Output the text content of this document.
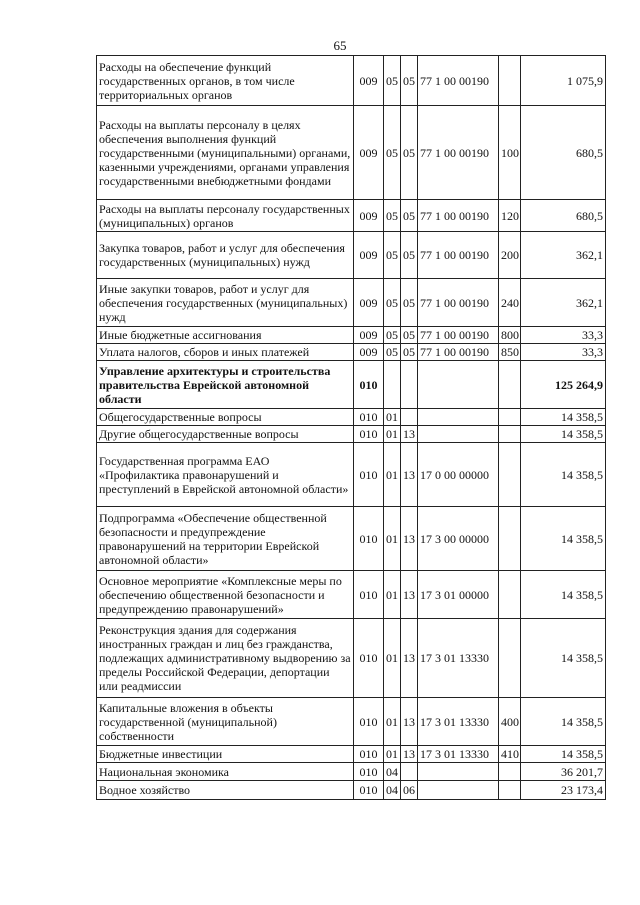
65
Расходы на обеспечение функций государственных органов, в том числе территориальных органов	009	05	05	77 1 00 00190		1 075,9
Расходы на выплаты персоналу в целях обеспечения выполнения функций государственными (муниципальными) органами, казенными учреждениями, органами управления государственными внебюджетными фондами	009	05	05	77 1 00 00190	100	680,5
Расходы на выплаты персоналу государственных (муниципальных) органов	009	05	05	77 1 00 00190	120	680,5
Закупка товаров, работ и услуг для обеспечения государственных (муниципальных) нужд	009	05	05	77 1 00 00190	200	362,1
Иные закупки товаров, работ и услуг для обеспечения государственных (муниципальных) нужд	009	05	05	77 1 00 00190	240	362,1
Иные бюджетные ассигнования	009	05	05	77 1 00 00190	800	33,3
Уплата налогов, сборов и иных платежей	009	05	05	77 1 00 00190	850	33,3
Управление архитектуры и строительства правительства Еврейской автономной области	010					125 264,9
Общегосударственные вопросы	010	01				14 358,5
Другие общегосударственные вопросы	010	01	13			14 358,5
Государственная программа ЕАО «Профилактика правонарушений и преступлений в Еврейской автономной области»	010	01	13	17 0 00 00000		14 358,5
Подпрограмма «Обеспечение общественной безопасности и предупреждение правонарушений на территории Еврейской автономной области»	010	01	13	17 3 00 00000		14 358,5
Основное мероприятие «Комплексные меры по обеспечению общественной безопасности и предупреждению правонарушений»	010	01	13	17 3 01 00000		14 358,5
Реконструкция здания для содержания иностранных граждан и лиц без гражданства, подлежащих административному выдворению за пределы Российской Федерации, депортации или реадмиссии	010	01	13	17 3 01 13330		14 358,5
Капитальные вложения в объекты государственной (муниципальной) собственности	010	01	13	17 3 01 13330	400	14 358,5
Бюджетные инвестиции	010	01	13	17 3 01 13330	410	14 358,5
Национальная экономика	010	04				36 201,7
Водное хозяйство	010	04	06			23 173,4
